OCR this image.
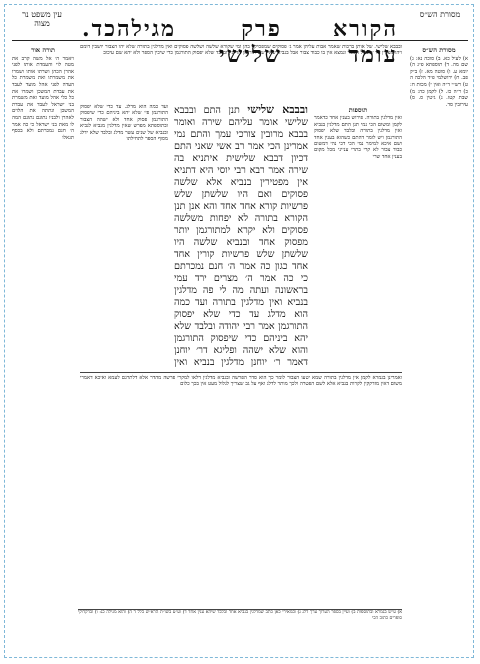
מסורת הש״ס
הקורא עומד
פרק שלישי
מגילה
כד.
עין משפט נר מצוה
מסורת הש״ס
א) לעיל כא. ב) סוכה נא: ג) שם מה. ד) תוספתא פ״ג ה) יומא ע. ו) סוטה מא. ז) ב״ק פב. ח) ירושלמי פ״ד הלכה ה ט) רש״י ד״ה ואין י) מכות ח: כ) ר״ה כז. ל) לקמן כה: מ) שבת קטז. נ) גיטין ס. ס) עירובין סד.
ובבבא שלישי. של אותן ברכות שאמר אבות עליהן אמר ג׳ פסוקים שמפסיקין בהן ומי שקורא שלשה ושלשה פסוקים ואין מדלגין בתורה שלא יהו הצבור יושבין דומם ויהו מצפין עד שיגלול הספר ונמצא אין בו כבוד צבור אבל בנביא שאין שם תורגמן מדלגין ובלבד שלא יפסוק התורגמן כדי שיכין הספר ולא יהא שם עיכוב
תוספות
ואין מדלגין בתורה. פירוש בענין אחד כדאמר לקמן ומשום הכי נמי תנן התם מדלגין בנביא ואין מדלגין בתורה ובלבד שלא יפסוק התורגמן ויש לומר דהתם כשהוא בענין אחד ושם איכא למימר נמי הכי דכי נהי דמשום כבוד צבור לא קרי בתרי ענייני מכל מקום בענין אחד שרי
ובבבא שלישי תנן התם ובבבא שלישי אומר עליהם שירה ואומר בבבא מרובין צורכי עמך והתם נמי אמרינן הכי אמר רב אשי שאני התם דכיון דבבא שלישית איתניא בה שירה אמר רבא רבי יוסי היא דתניא אין מפטירין בנביא אלא שלשה פסוקים ואם היו שלשתן שלש פרשיות קורא אחד אחד והא אנן תנן הקורא בתורה לא יפחות משלשה פסוקים ולא יקרא למתורגמן יותר מפסוק אחד ובנביא שלשה היו שלשתן שלש פרשיות קורין אחד אחד כגון כה אמר ה׳ חנם נמכרתם כי כה אמר ה׳ מצרים ירד עמי בראשונה ועתה מה לי פה מדלגין בנביא ואין מדלגין בתורה ועד כמה הוא מדלג עד כדי שלא יפסוק התורגמן אמר רבי יהודה ובלבד שלא יהא ביניהם כדי שיפסוק התורגמן והוא שלא ישהה ופליגא דר׳ יוחנן דאמר ר׳ יוחנן מדלגין בנביא ואין
ועד כמה הוא מדלג. עד כדי שלא יפסוק התורגמן פי׳ שלא יהא ביניהם כדי שיפסוק התורגמן פסוק אחד ולא ישהה הצבור ובתוספתא מפרש שאין מדלגין מנביא לנביא ובנביא של שנים עשר מדלג ובלבד שלא ידלג מסוף הספר לתחילתו
ואמרינן בגמרא לקמן אין מדלגין בתורה שמא יטעו הצבור לומר כך הוא סדר הפרשה ובנביא מדלגין דלאו למקרי פרשה מהדר אלא דלתרגם לעמא ואיכא דאמרי משום דאין מזדקקין לקרות בנביא אלא לשם הפטרה ולכך מותר לדלג ואף על גב שצריך לגלול מעט אין בכך כלום
תורה אור
ויאמר ה׳ אל משה קרב את מטה לוי והעמדת אותו לפני אהרן הכהן ושרתו אותו ושמרו את משמרתו ואת משמרת כל העדה לפני אהל מועד לעבד את עבדת המשכן ושמרו את כל כלי אהל מועד ואת משמרת בני ישראל לעבד את עבדת המשכן ונתתה את הלוים לאהרן ולבניו נתונם נתונם המה לו מאת בני ישראל כי כה אמר ה׳ חנם נמכרתם ולא בכסף תגאלו
א) ע״ש בגמרא ובתוספות ב) ועיין בספר הערוך ערך דלג ג) ובמאירי כאן כתב שמדלגין בנביא אחד ובלבד שיהא ענין אחד ד) וע״ע בשו״ת הרא״ש כלל ד ה) והוא מגילה כג: ו) ובדקדוקי סופרים כתוב הכי
